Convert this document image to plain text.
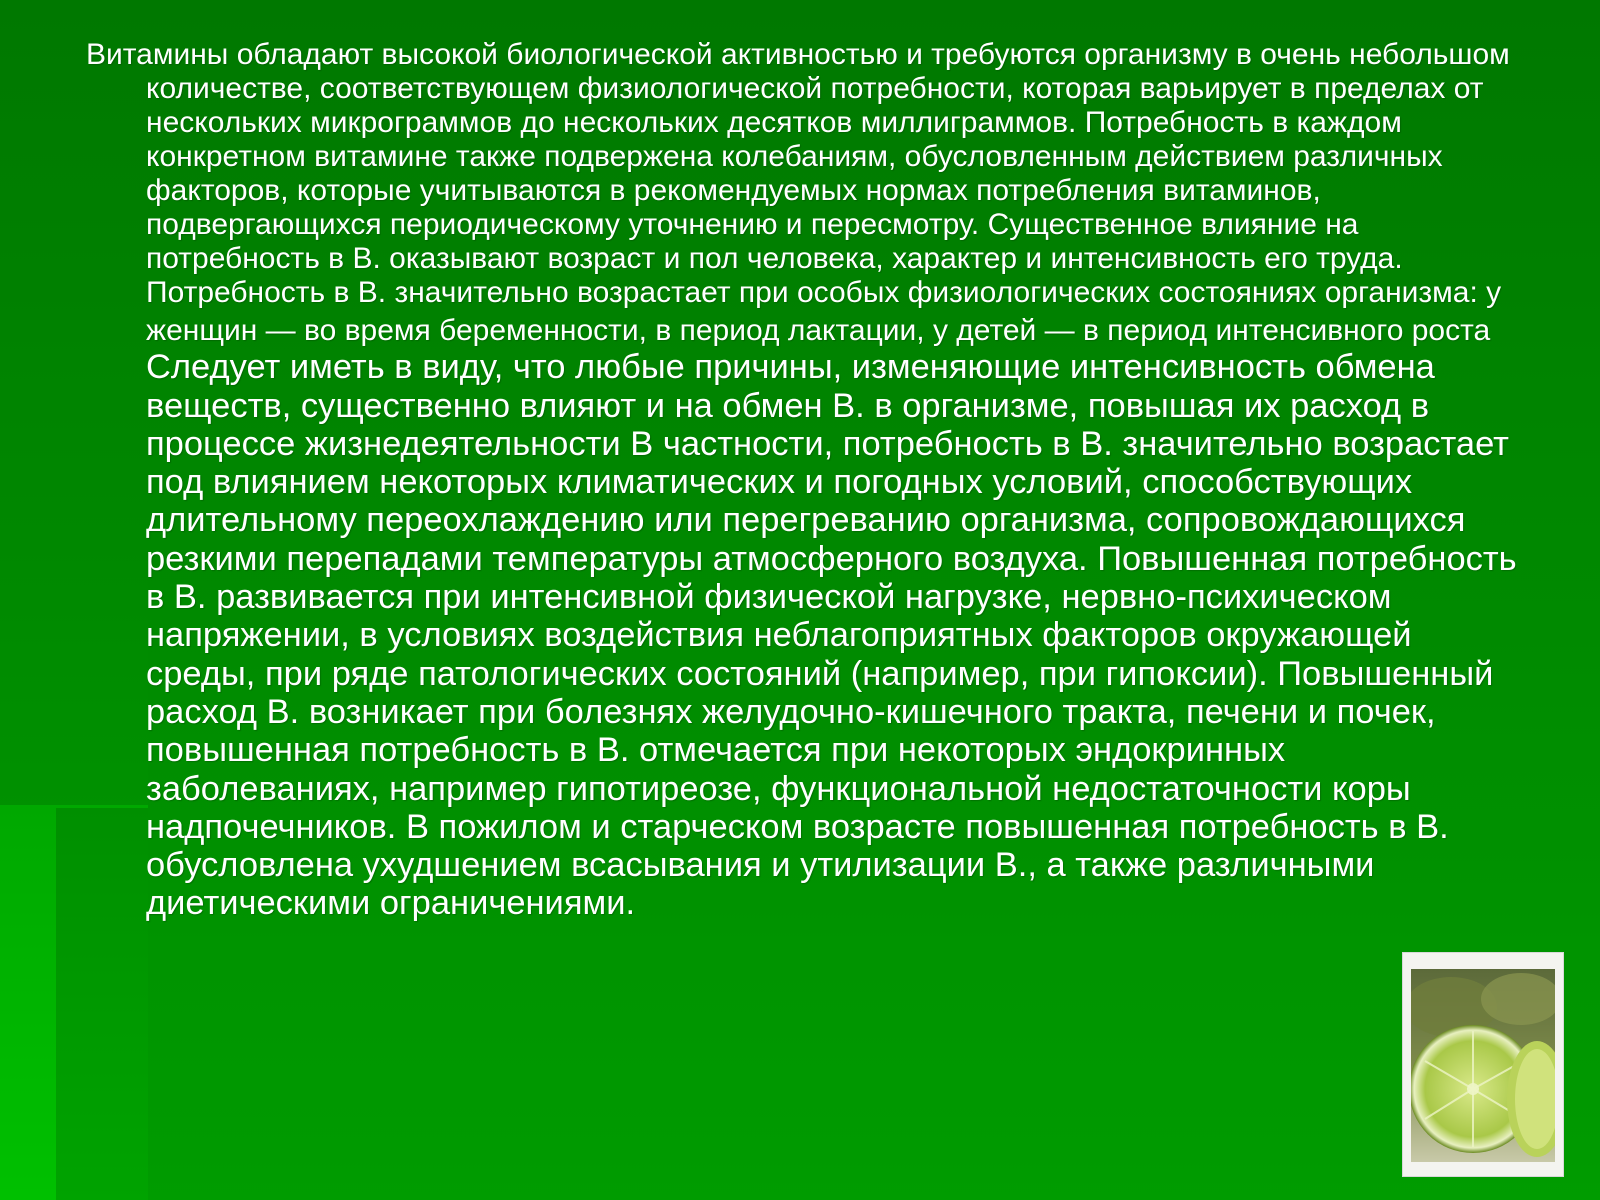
Витамины обладают высокой биологической активностью и требуются организму в очень небольшом количестве, соответствующем физиологической потребности, которая варьирует в пределах от нескольких микрограммов до нескольких десятков миллиграммов. Потребность в каждом конкретном витамине также подвержена колебаниям, обусловленным действием различных факторов, которые учитываются в рекомендуемых нормах потребления витаминов, подвергающихся периодическому уточнению и пересмотру. Существенное влияние на потребность в В. оказывают возраст и пол человека, характер и интенсивность его труда. Потребность в В. значительно возрастает при особых физиологических состояниях организма: у женщин — во время беременности, в период лактации, у детей — в период интенсивного роста Следует иметь в виду, что любые причины, изменяющие интенсивность обмена веществ, существенно влияют и на обмен В. в организме, повышая их расход в процессе жизнедеятельности В частности, потребность в В. значительно возрастает под влиянием некоторых климатических и погодных условий, способствующих длительному переохлаждению или перегреванию организма, сопровождающихся резкими перепадами температуры атмосферного воздуха. Повышенная потребность в В. развивается при интенсивной физической нагрузке, нервно-психическом напряжении, в условиях воздействия неблагоприятных факторов окружающей среды, при ряде патологических состояний (например, при гипоксии). Повышенный расход В. возникает при болезнях желудочно-кишечного тракта, печени и почек, повышенная потребность в В. отмечается при некоторых эндокринных заболеваниях, например гипотиреозе, функциональной недостаточности коры надпочечников. В пожилом и старческом возрасте повышенная потребность в В. обусловлена ухудшением всасывания и утилизации В., а также различными диетическими ограничениями.
